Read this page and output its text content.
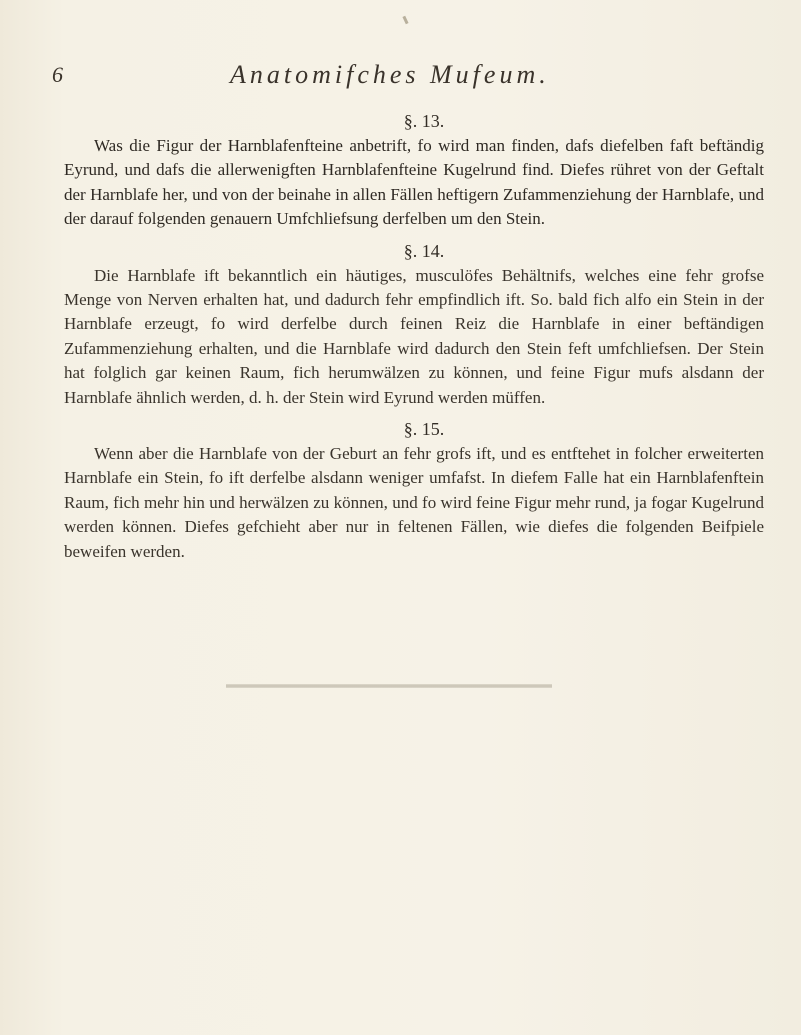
6	Anatomifches Mufeum.

§. 13.

Was die Figur der Harnblafenfteine anbetrift, fo wird man finden, dafs diefelben faft beftändig Eyrund, und dafs die allerwenigften Harnblafenfteine Kugelrund find. Diefes rühret von der Geftalt der Harnblafe her, und von der beinahe in allen Fällen heftigern Zufammenziehung der Harnblafe, und der darauf folgenden genauern Umfchliefsung derfelben um den Stein.

§. 14.

Die Harnblafe ift bekanntlich ein häutiges, musculöfes Behältnifs, welches eine fehr grofse Menge von Nerven erhalten hat, und dadurch fehr empfindlich ift. So. bald fich alfo ein Stein in der Harnblafe erzeugt, fo wird derfelbe durch feinen Reiz die Harnblafe in einer beftändigen Zufammenziehung erhalten, und die Harnblafe wird dadurch den Stein feft umfchliefsen. Der Stein hat folglich gar keinen Raum, fich herumwälzen zu können, und feine Figur mufs alsdann der Harnblafe ähnlich werden, d. h. der Stein wird Eyrund werden müffen.

§. 15.

Wenn aber die Harnblafe von der Geburt an fehr grofs ift, und es entftehet in folcher erweiterten Harnblafe ein Stein, fo ift derfelbe alsdann weniger umfafst. In diefem Falle hat ein Harnblafenftein Raum, fich mehr hin und herwälzen zu können, und fo wird feine Figur mehr rund, ja fogar Kugelrund werden können. Diefes gefchieht aber nur in feltenen Fällen, wie diefes die folgenden Beifpiele beweifen werden.
